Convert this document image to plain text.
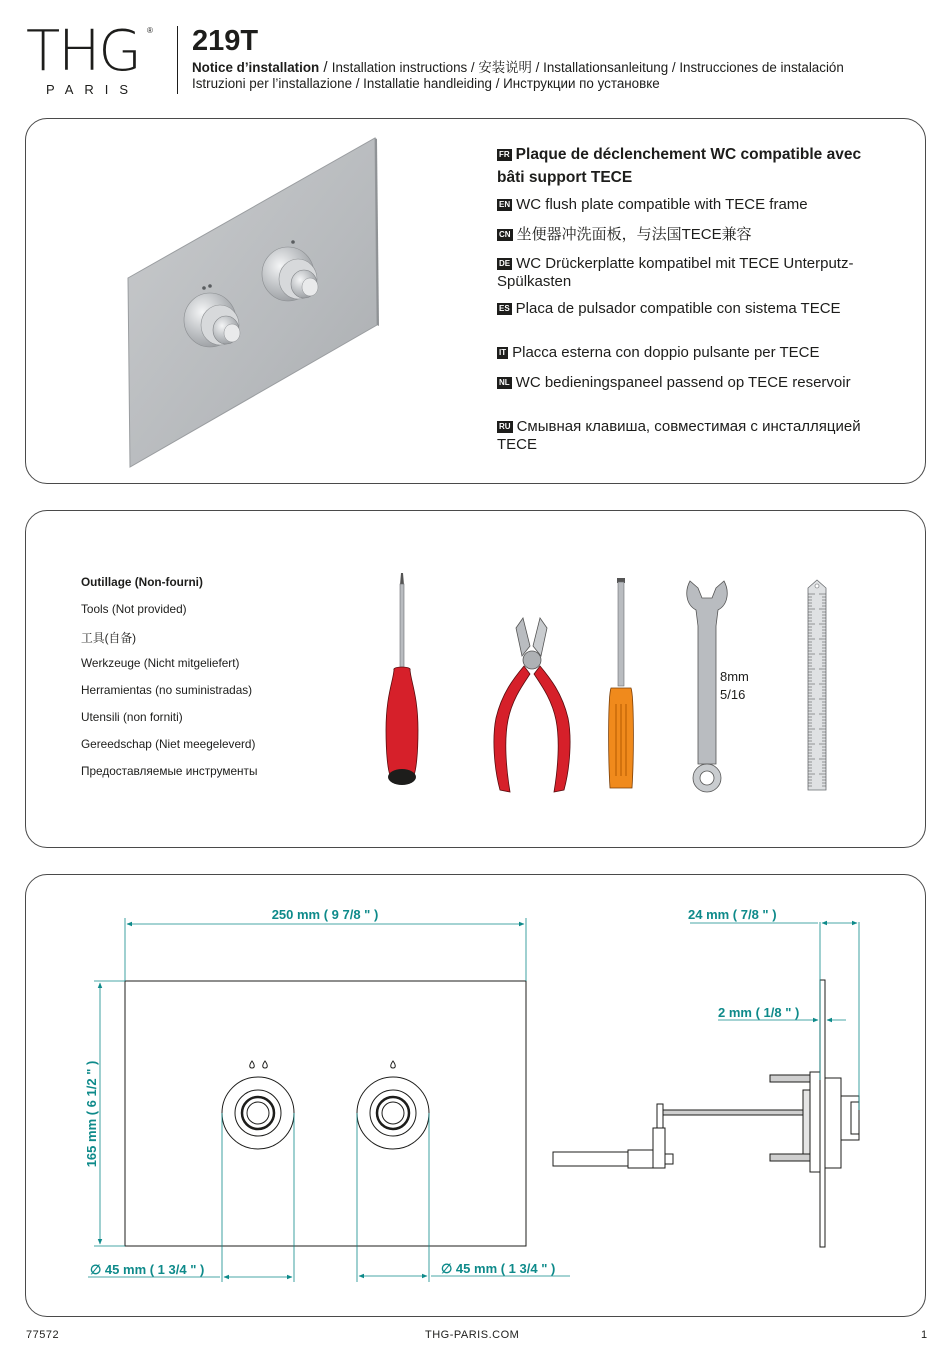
THG ®
PARIS
219T
Notice d’installation / Installation instructions / 安装说明 / Installationsanleitung / Instrucciones de instalación
Istruzioni per l’installazione / Installatie handleiding / Инструкции по установке
FR Plaque de déclenchement WC compatible avec bâti support TECE
EN WC flush plate compatible with TECE frame
CN 坐便器冲洗面板，与法国TECE兼容
DE WC Drückerplatte kompatibel mit TECE Unterputz-Spülkasten
ES Placa de pulsador compatible con sistema TECE
IT Placca esterna con doppio pulsante per TECE
NL WC bedieningspaneel passend op TECE reservoir
RU Смывная клавиша, совместимая с инсталляцией TECE
Outillage (Non-fourni)
Tools (Not provided)
工具(自备)
Werkzeuge (Nicht mitgeliefert)
Herramientas (no suministradas)
Utensili (non forniti)
Gereedschap (Niet meegeleverd)
Предоставляемые инструменты
8mm
5/16
250 mm ( 9 7/8 " )
165 mm ( 6 1/2 " )
∅ 45 mm ( 1 3/4 " )	∅ 45 mm ( 1 3/4 " )
24 mm ( 7/8 " )
2 mm ( 1/8 " )
77572	THG-PARIS.COM	1
